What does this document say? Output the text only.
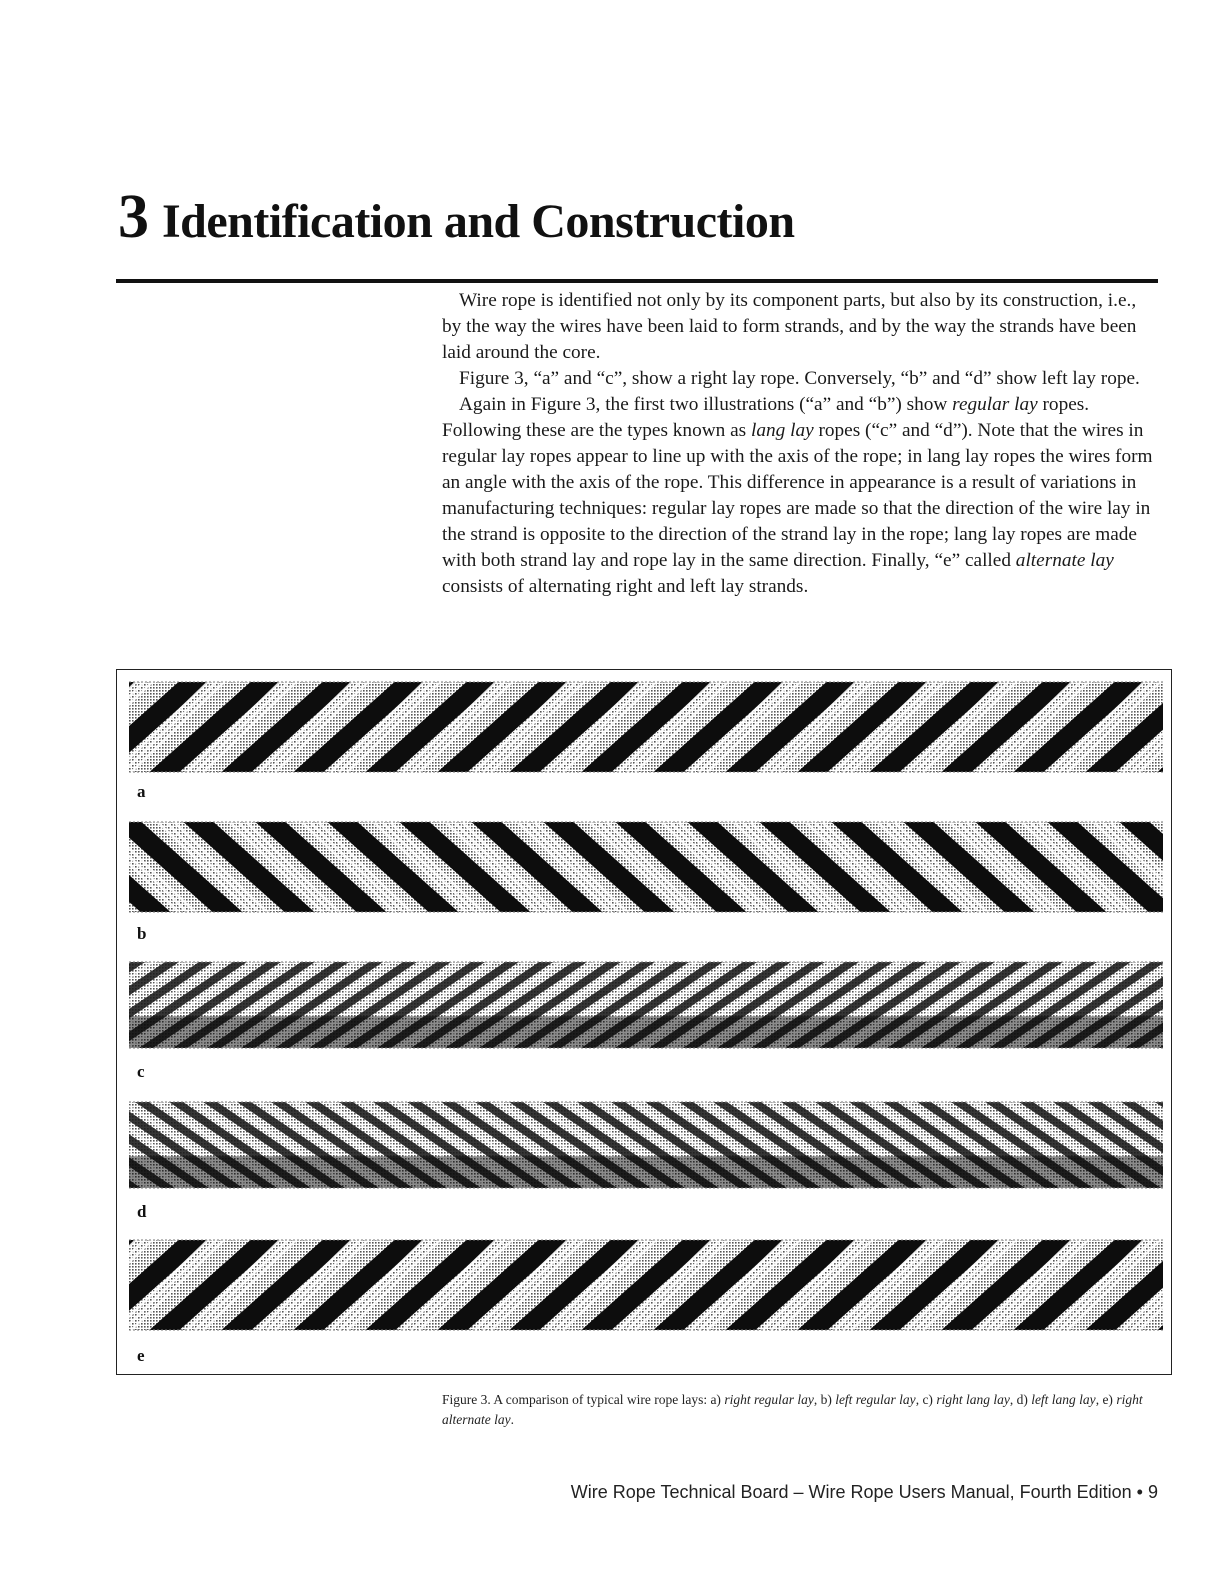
3 Identification and Construction

Wire rope is identified not only by its component parts, but also by its construction, i.e., by the way the wires have been laid to form strands, and by the way the strands have been laid around the core.

Figure 3, “a” and “c”, show a right lay rope. Conversely, “b” and “d” show left lay rope.

Again in Figure 3, the first two illustrations (“a” and “b”) show regular lay ropes. Following these are the types known as lang lay ropes (“c” and “d”). Note that the wires in regular lay ropes appear to line up with the axis of the rope; in lang lay ropes the wires form an angle with the axis of the rope. This difference in appearance is a result of variations in manufacturing techniques: regular lay ropes are made so that the direction of the wire lay in the strand is opposite to the direction of the strand lay in the rope; lang lay ropes are made with both strand lay and rope lay in the same direction. Finally, “e” called alternate lay consists of alternating right and left lay strands.

a
b
c
d
e
Figure 3. A comparison of typical wire rope lays: a) right regular lay, b) left regular lay, c) right lang lay, d) left lang lay, e) right alternate lay.
Wire Rope Technical Board – Wire Rope Users Manual, Fourth Edition • 9
